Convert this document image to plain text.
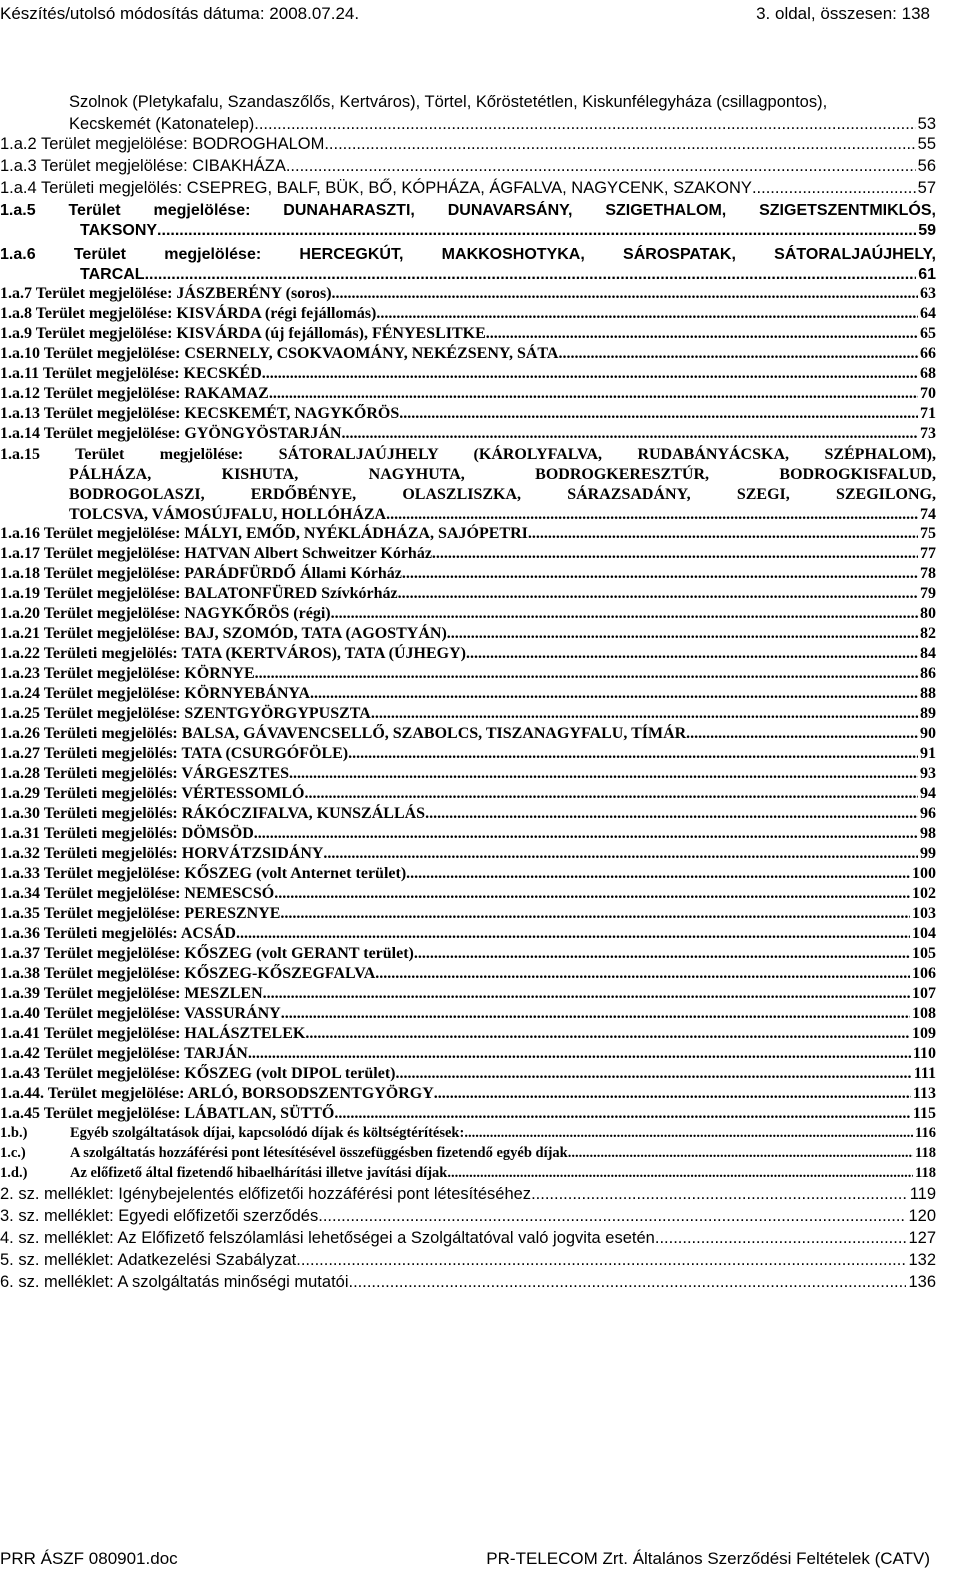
Készítés/utolsó módosítás dátuma: 2008.07.24.	3. oldal, összesen: 138
Szolnok (Pletykafalu, Szandaszőlős, Kertváros), Törtel, Kőröstetétlen, Kiskunfélegyháza (csillagpontos),
Kecskemét (Katonatelep) .....	53
1.a.2 Terület megjelölése: BODROGHALOM .....	55
1.a.3 Terület megjelölése: CIBAKHÁZA .....	56
1.a.4 Területi megjelölés: CSEPREG, BALF, BÜK, BŐ, KÓPHÁZA, ÁGFALVA, NAGYCENK, SZAKONY .....	57
1.a.5 Terület megjelölése: DUNAHARASZTI, DUNAVARSÁNY, SZIGETHALOM, SZIGETSZENTMIKLÓS,
TAKSONY .....	59
1.a.6 Terület megjelölése: HERCEGKÚT, MAKKOSHOTYKA, SÁROSPATAK, SÁTORALJAÚJHELY,
TARCAL .....	61
1.a.7 Terület megjelölése: JÁSZBERÉNY (soros) .....	63
1.a.8 Terület megjelölése: KISVÁRDA (régi fejállomás) .....	64
1.a.9 Terület megjelölése: KISVÁRDA (új fejállomás), FÉNYESLITKE .....	65
1.a.10 Terület megjelölése: CSERNELY, CSOKVAOMÁNY, NEKÉZSENY, SÁTA .....	66
1.a.11 Terület megjelölése: KECSKÉD .....	68
1.a.12 Terület megjelölése: RAKAMAZ .....	70
1.a.13 Terület megjelölése: KECSKEMÉT, NAGYKŐRÖS .....	71
1.a.14 Terület megjelölése: GYÖNGYÖSTARJÁN .....	73
1.a.15 Terület megjelölése: SÁTORALJAÚJHELY (KÁROLYFALVA, RUDABÁNYÁCSKA, SZÉPHALOM),
PÁLHÁZA, KISHUTA, NAGYHUTA, BODROGKERESZTÚR, BODROGKISFALUD,
BODROGOLASZI, ERDŐBÉNYE, OLASZLISZKA, SÁRAZSADÁNY, SZEGI, SZEGILONG,
TOLCSVA, VÁMOSÚJFALU, HOLLÓHÁZA .....	74
1.a.16 Terület megjelölése: MÁLYI, EMŐD, NYÉKLÁDHÁZA, SAJÓPETRI .....	75
1.a.17 Terület megjelölése: HATVAN Albert Schweitzer Kórház .....	77
1.a.18 Terület megjelölése: PARÁDFÜRDŐ Állami Kórház .....	78
1.a.19 Terület megjelölése: BALATONFÜRED Szívkórház .....	79
1.a.20 Terület megjelölése: NAGYKŐRÖS (régi) .....	80
1.a.21 Terület megjelölése: BAJ, SZOMÓD, TATA (AGOSTYÁN) .....	82
1.a.22 Területi megjelölés: TATA (KERTVÁROS), TATA (ÚJHEGY) .....	84
1.a.23 Terület megjelölése: KÖRNYE .....	86
1.a.24 Terület megjelölése: KÖRNYEBÁNYA .....	88
1.a.25 Terület megjelölése: SZENTGYÖRGYPUSZTA .....	89
1.a.26 Területi megjelölés: BALSA, GÁVAVENCSELLŐ, SZABOLCS, TISZANAGYFALU, TÍMÁR .....	90
1.a.27 Területi megjelölés: TATA (CSURGÓFÖLE) .....	91
1.a.28 Területi megjelölés: VÁRGESZTES .....	93
1.a.29 Területi megjelölés: VÉRTESSOMLÓ .....	94
1.a.30 Területi megjelölés: RÁKÓCZIFALVA, KUNSZÁLLÁS .....	96
1.a.31 Területi megjelölés: DÖMSÖD .....	98
1.a.32 Területi megjelölés: HORVÁTZSIDÁNY .....	99
1.a.33 Terület megjelölése: KŐSZEG (volt Anternet terület) .....	100
1.a.34 Terület megjelölése: NEMESCSÓ .....	102
1.a.35 Terület megjelölése: PERESZNYE .....	103
1.a.36 Területi megjelölés: ACSÁD .....	104
1.a.37 Terület megjelölése: KŐSZEG (volt GERANT terület) .....	105
1.a.38 Terület megjelölése: KŐSZEG-KŐSZEGFALVA .....	106
1.a.39 Terület megjelölése: MESZLEN .....	107
1.a.40 Terület megjelölése: VASSURÁNY .....	108
1.a.41 Terület megjelölése: HALÁSZTELEK .....	109
1.a.42 Terület megjelölése: TARJÁN .....	110
1.a.43 Terület megjelölése: KŐSZEG (volt DIPOL terület) .....	111
1.a.44. Terület megjelölése: ARLÓ, BORSODSZENTGYÖRGY .....	113
1.a.45 Terület megjelölése: LÁBATLAN, SÜTTŐ .....	115
1.b.)	Egyéb szolgáltatások díjai, kapcsolódó díjak és költségtérítések: .....	116
1.c.)	A szolgáltatás hozzáférési pont létesítésével összefüggésben fizetendő egyéb díjak .....	118
1.d.)	Az előfizető által fizetendő hibaelhárítási illetve javítási díjak .....	118
2. sz. melléklet: Igénybejelentés előfizetői hozzáférési pont létesítéséhez .....	119
3. sz. melléklet: Egyedi előfizetői szerződés .....	120
4. sz. melléklet: Az Előfizető felszólamlási lehetőségei a Szolgáltatóval való jogvita esetén .....	127
5. sz. melléklet: Adatkezelési Szabályzat .....	132
6. sz. melléklet: A szolgáltatás minőségi mutatói .....	136
PRR ÁSZF 080901.doc	PR-TELECOM Zrt. Általános Szerződési Feltételek (CATV)
